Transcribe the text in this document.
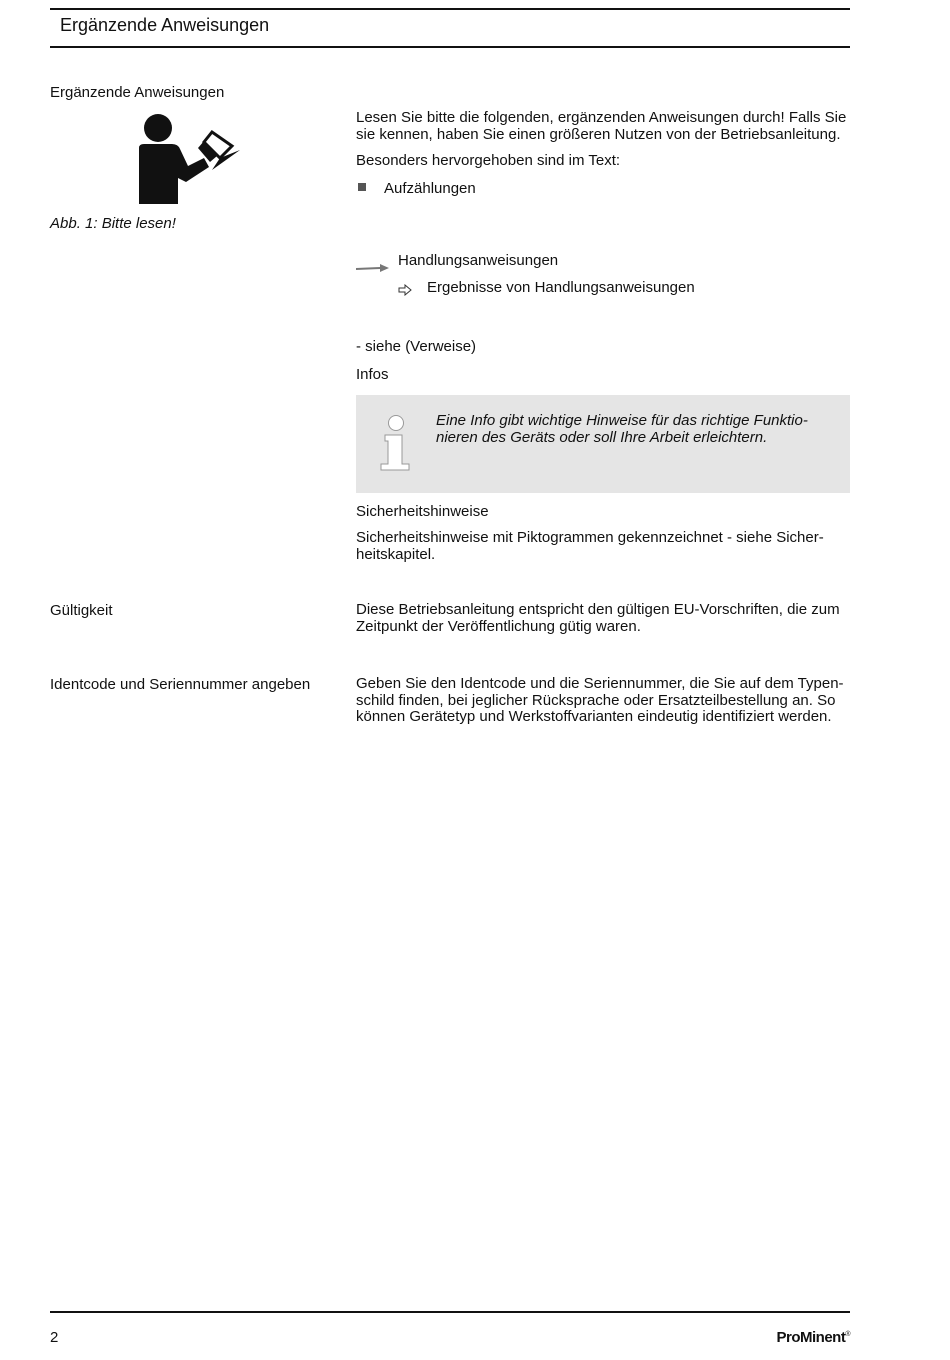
Ergänzende Anweisungen
Ergänzende Anweisungen
Abb. 1: Bitte lesen!
Lesen Sie bitte die folgenden, ergänzenden Anweisungen durch! Falls Sie sie kennen, haben Sie einen größeren Nutzen von der Betriebsanleitung.
Besonders hervorgehoben sind im Text:
Aufzählungen
Handlungsanweisungen
Ergebnisse von Handlungsanweisungen
- siehe (Verweise)
Infos
Eine Info gibt wichtige Hinweise für das richtige Funktio- nieren des Geräts oder soll Ihre Arbeit erleichtern.
Sicherheitshinweise
Sicherheitshinweise mit Piktogrammen gekennzeichnet - siehe Sicher- heitskapitel.
Gültigkeit	Diese Betriebsanleitung entspricht den gültigen EU-Vorschriften, die zum Zeitpunkt der Veröffentlichung gütig waren.
Identcode und Seriennummer angeben	Geben Sie den Identcode und die Seriennummer, die Sie auf dem Typen- schild finden, bei jeglicher Rücksprache oder Ersatzteilbestellung an. So können Gerätetyp und Werkstoffvarianten eindeutig identifiziert werden.
2	ProMinent®
